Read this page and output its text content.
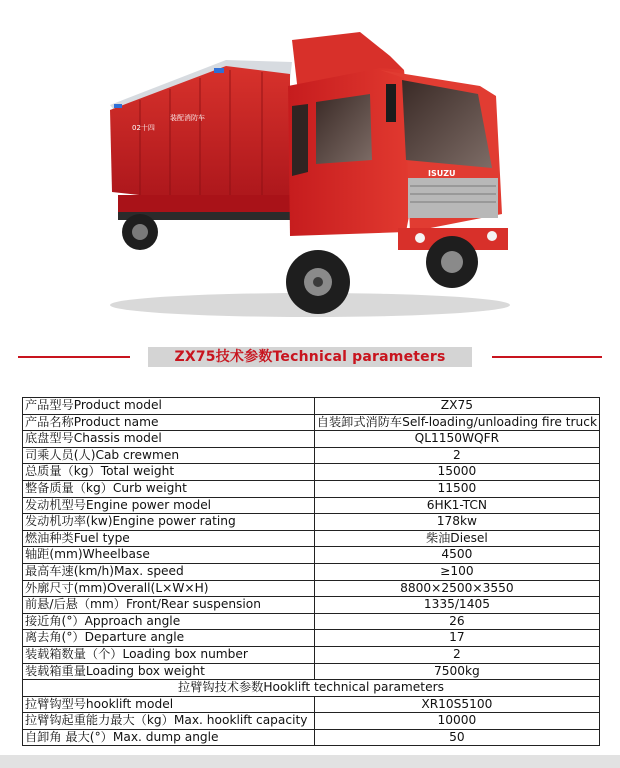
02十四
装配消防车
ISUZU
ZX75技术参数Technical parameters
产品型号Product model	ZX75
产品名称Product name	自装卸式消防车Self-loading/unloading fire truck
底盘型号Chassis model	QL1150WQFR
司乘人员(人)Cab crewmen	2
总质量（kg）Total weight	15000
整备质量（kg）Curb weight	11500
发动机型号Engine power model	6HK1-TCN
发动机功率(kw)Engine power rating	178kw
燃油种类Fuel type	柴油Diesel
轴距(mm)Wheelbase	4500
最高车速(km/h)Max. speed	≥100
外廓尺寸(mm)Overall(L×W×H)	8800×2500×3550
前悬/后悬（mm）Front/Rear suspension	1335/1405
接近角(°）Approach angle	26
离去角(°）Departure angle	17
装载箱数量（个）Loading box number	2
装载箱重量Loading box weight	7500kg
拉臂钩技术参数Hooklift technical parameters	
拉臂钩型号hooklift model	XR10S5100
拉臂钩起重能力最大（kg）Max. hooklift capacity	10000
自卸角 最大(°）Max. dump angle	50
